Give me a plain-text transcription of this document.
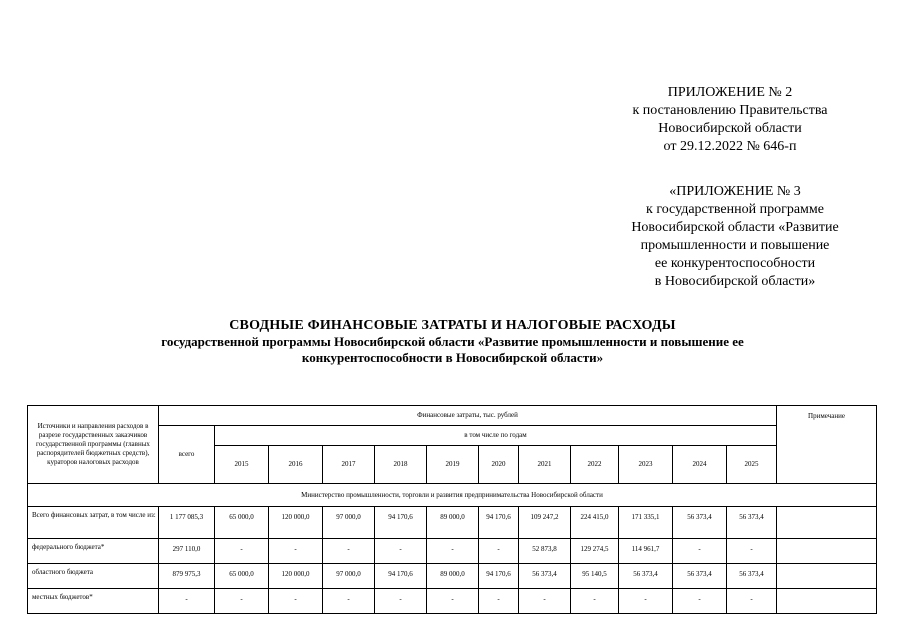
ПРИЛОЖЕНИЕ № 2
к постановлению Правительства
Новосибирской области
от 29.12.2022 № 646-п
«ПРИЛОЖЕНИЕ № 3
к государственной программе
Новосибирской области «Развитие
промышленности и повышение
ее конкурентоспособности
в Новосибирской области»
СВОДНЫЕ ФИНАНСОВЫЕ ЗАТРАТЫ И НАЛОГОВЫЕ РАСХОДЫ
государственной программы Новосибирской области «Развитие промышленности и повышение ее
конкурентоспособности в Новосибирской области»
Источники и направления расходов в разрезе государственных заказчиков государственной программы (главных распорядителей бюджетных средств), кураторов налоговых расходов	Финансовые затраты, тыс. рублей												Примечание
	всего	в том числе по годам											
		2015	2016	2017	2018	2019	2020	2021	2022	2023	2024	2025	
Министерство промышленности, торговли и развития предпринимательства Новосибирской области													
Всего финансовых затрат, в том числе из:	1 177 085,3	65 000,0	120 000,0	97 000,0	94 170,6	89 000,0	94 170,6	109 247,2	224 415,0	171 335,1	56 373,4	56 373,4	
федерального бюджета*	297 110,0	-	-	-	-	-	-	52 873,8	129 274,5	114 961,7	-	-	
областного бюджета	879 975,3	65 000,0	120 000,0	97 000,0	94 170,6	89 000,0	94 170,6	56 373,4	95 140,5	56 373,4	56 373,4	56 373,4	
местных бюджетов*	-	-	-	-	-	-	-	-	-	-	-	-	
